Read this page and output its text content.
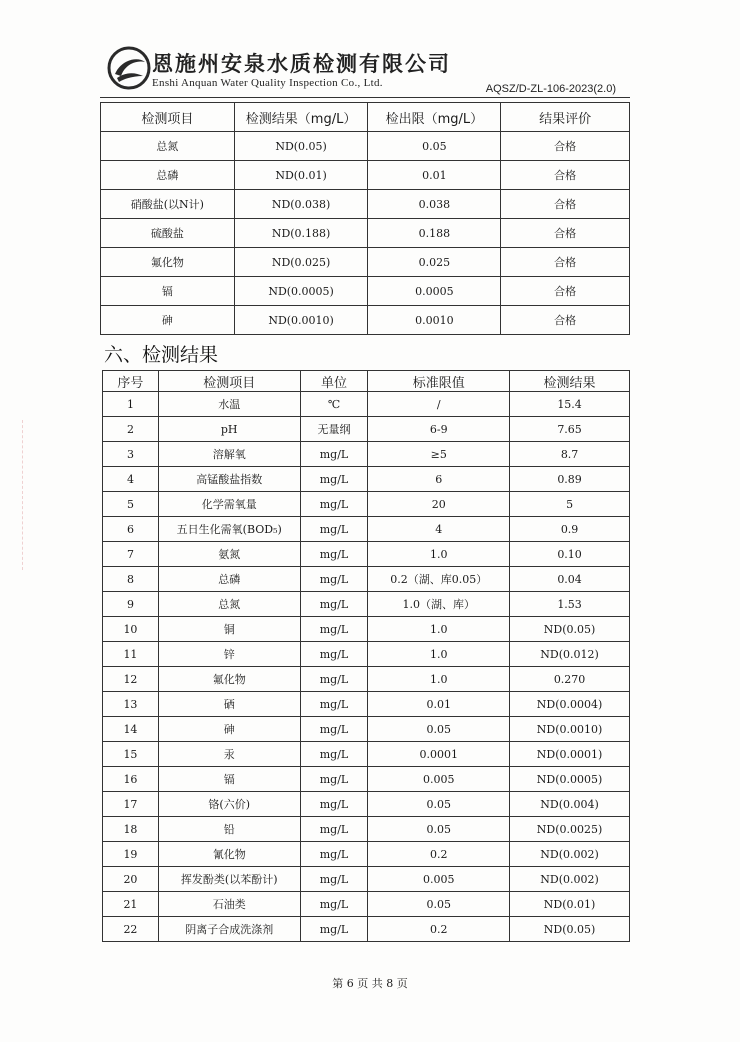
恩施州安泉水质检测有限公司
Enshi Anquan Water Quality Inspection Co., Ltd.	AQSZ/D-ZL-106-2023(2.0)
检测项目	检测结果（mg/L）	检出限（mg/L）	结果评价
总氮	ND(0.05)	0.05	合格
总磷	ND(0.01)	0.01	合格
硝酸盐(以N计)	ND(0.038)	0.038	合格
硫酸盐	ND(0.188)	0.188	合格
氟化物	ND(0.025)	0.025	合格
镉	ND(0.0005)	0.0005	合格
砷	ND(0.0010)	0.0010	合格
六、检测结果
序号	检测项目	单位	标准限值	检测结果
1	水温	℃	/	15.4
2	pH	无量纲	6-9	7.65
3	溶解氧	mg/L	≥5	8.7
4	高锰酸盐指数	mg/L	6	0.89
5	化学需氧量	mg/L	20	5
6	五日生化需氧(BOD₅)	mg/L	4	0.9
7	氨氮	mg/L	1.0	0.10
8	总磷	mg/L	0.2（湖、库0.05）	0.04
9	总氮	mg/L	1.0（湖、库）	1.53
10	铜	mg/L	1.0	ND(0.05)
11	锌	mg/L	1.0	ND(0.012)
12	氟化物	mg/L	1.0	0.270
13	硒	mg/L	0.01	ND(0.0004)
14	砷	mg/L	0.05	ND(0.0010)
15	汞	mg/L	0.0001	ND(0.0001)
16	镉	mg/L	0.005	ND(0.0005)
17	铬(六价)	mg/L	0.05	ND(0.004)
18	铅	mg/L	0.05	ND(0.0025)
19	氰化物	mg/L	0.2	ND(0.002)
20	挥发酚类(以苯酚计)	mg/L	0.005	ND(0.002)
21	石油类	mg/L	0.05	ND(0.01)
22	阴离子合成洗涤剂	mg/L	0.2	ND(0.05)
第 6 页 共 8 页
